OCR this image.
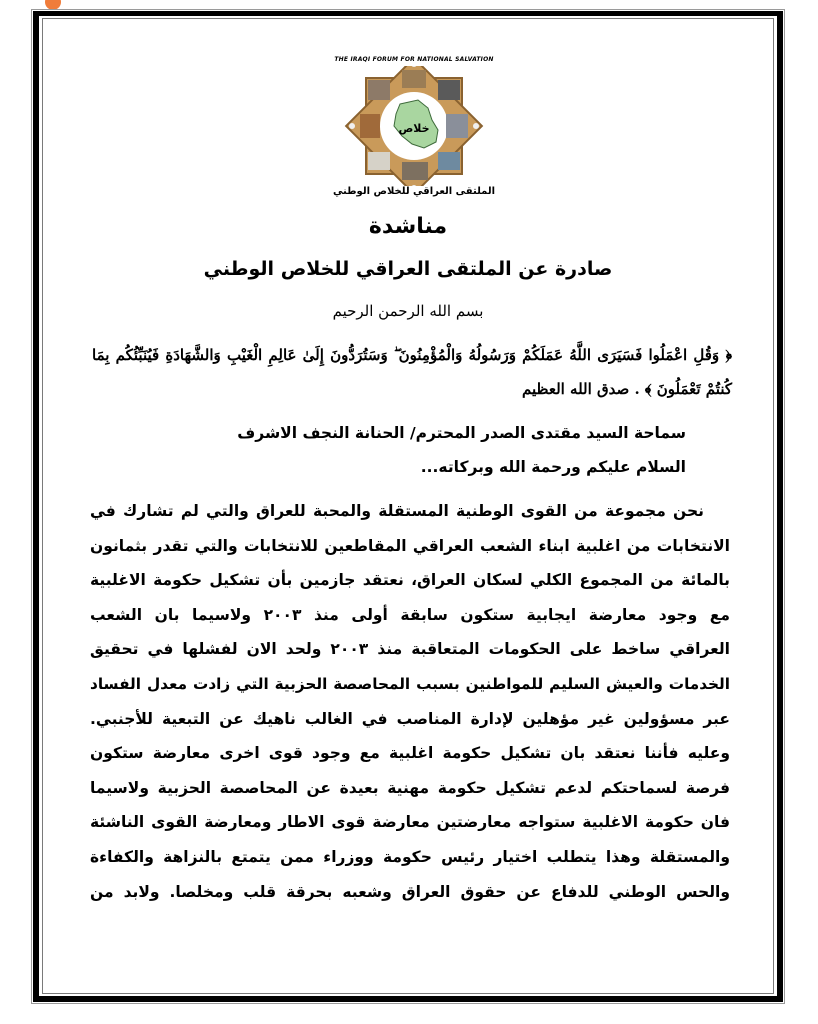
THE IRAQI FORUM FOR NATIONAL SALVATION
خلاص
الملتقى العراقي للخلاص الوطني
مناشدة
صادرة عن الملتقى العراقي للخلاص الوطني
بسم الله الرحمن الرحيم
﴿ وَقُلِ اعْمَلُوا فَسَيَرَى اللَّهُ عَمَلَكُمْ وَرَسُولُهُ وَالْمُؤْمِنُونَ ۖ وَسَتُرَدُّونَ إِلَىٰ عَالِمِ الْغَيْبِ وَالشَّهَادَةِ فَيُنَبِّئُكُم بِمَا كُنتُمْ تَعْمَلُونَ ﴾ . صدق الله العظيم
سماحة السيد مقتدى الصدر المحترم/ الحنانة النجف الاشرف
السلام عليكم ورحمة الله وبركاته...
نحن مجموعة من القوى الوطنية المستقلة والمحبة للعراق والتي لم تشارك في
الانتخابات من اغلبية ابناء الشعب العراقي المقاطعين للانتخابات والتي تقدر بثمانون
بالمائة من المجموع الكلي لسكان العراق، نعتقد جازمين بأن تشكيل حكومة الاغلبية
مع وجود معارضة ايجابية ستكون سابقة أولى منذ ٢٠٠٣ ولاسيما بان الشعب
العراقي ساخط على الحكومات المتعاقبة منذ ٢٠٠٣ ولحد الان لفشلها في تحقيق
الخدمات والعيش السليم للمواطنين بسبب المحاصصة الحزبية التي زادت معدل الفساد
عبر مسؤولين غير مؤهلين لإدارة المناصب في الغالب ناهيك عن التبعية للأجنبي.
وعليه فأننا نعتقد بان تشكيل حكومة اغلبية مع وجود قوى اخرى معارضة ستكون
فرصة لسماحتكم لدعم تشكيل حكومة مهنية بعيدة عن المحاصصة الحزبية ولاسيما
فان حكومة الاغلبية ستواجه معارضتين معارضة قوى الاطار ومعارضة القوى الناشئة
والمستقلة وهذا يتطلب اختيار رئيس حكومة ووزراء ممن يتمتع بالنزاهة والكفاءة
والحس الوطني للدفاع عن حقوق العراق وشعبه بحرقة قلب ومخلصا. ولابد من
